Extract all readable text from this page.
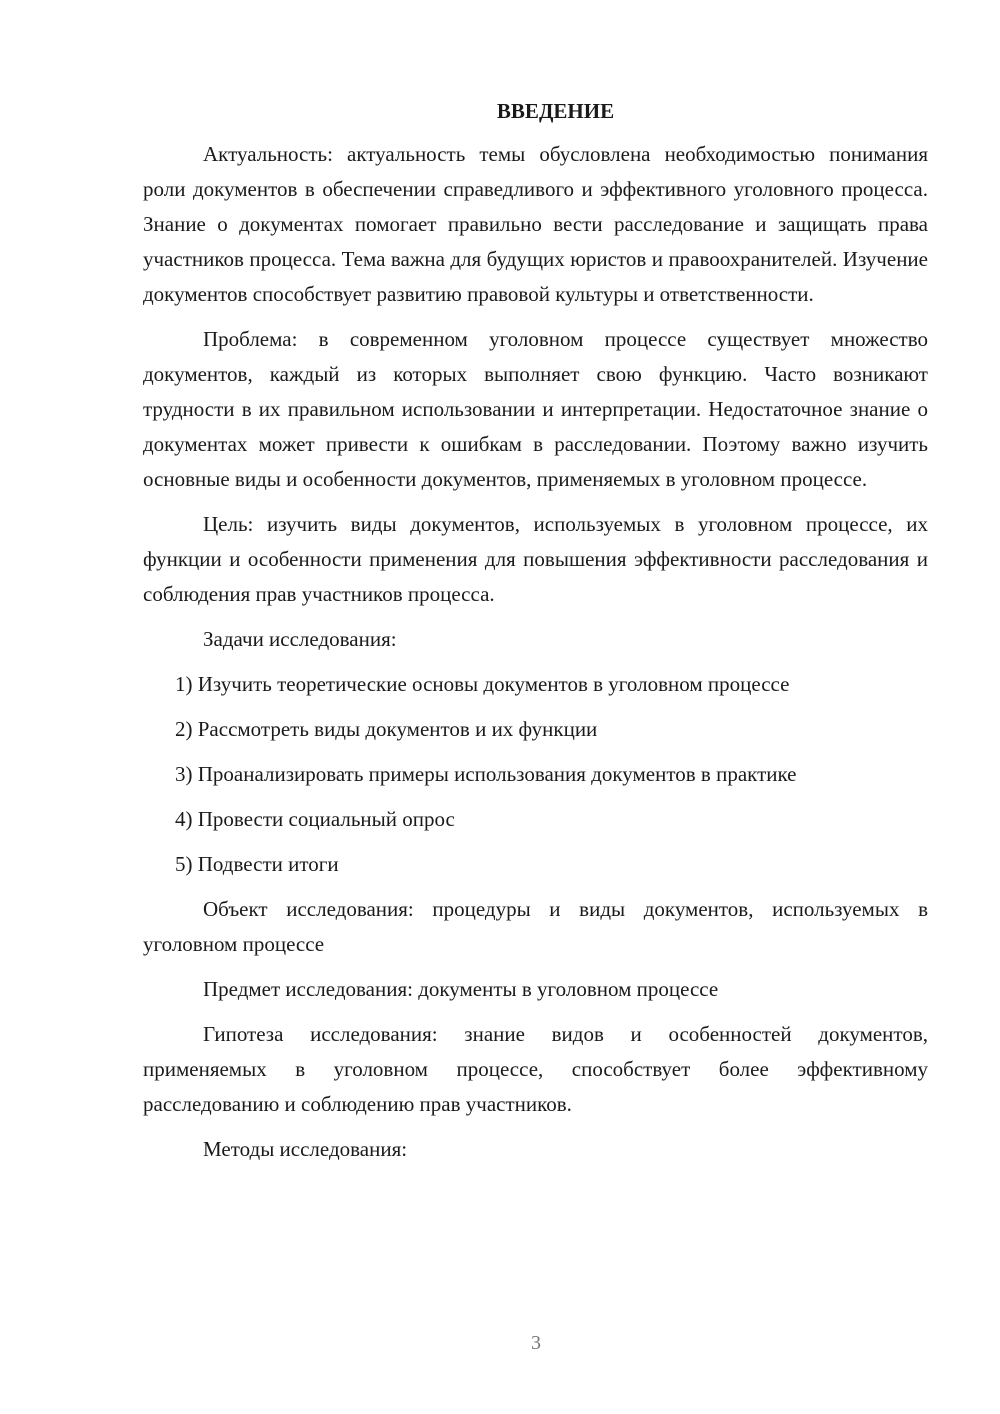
ВВЕДЕНИЕ

Актуальность: актуальность темы обусловлена необходимостью понимания роли документов в обеспечении справедливого и эффективного уголовного процесса. Знание о документах помогает правильно вести расследование и защищать права участников процесса. Тема важна для будущих юристов и правоохранителей. Изучение документов способствует развитию правовой культуры и ответственности.

Проблема: в современном уголовном процессе существует множество документов, каждый из которых выполняет свою функцию. Часто возникают трудности в их правильном использовании и интерпретации. Недостаточное знание о документах может привести к ошибкам в расследовании. Поэтому важно изучить основные виды и особенности документов, применяемых в уголовном процессе.

Цель: изучить виды документов, используемых в уголовном процессе, их функции и особенности применения для повышения эффективности расследования и соблюдения прав участников процесса.

Задачи исследования:

1) Изучить теоретические основы документов в уголовном процессе
2) Рассмотреть виды документов и их функции
3) Проанализировать примеры использования документов в практике
4) Провести социальный опрос
5) Подвести итоги

Объект исследования: процедуры и виды документов, используемых в уголовном процессе

Предмет исследования: документы в уголовном процессе

Гипотеза исследования: знание видов и особенностей документов, применяемых в уголовном процессе, способствует более эффективному расследованию и соблюдению прав участников.

Методы исследования:

3
